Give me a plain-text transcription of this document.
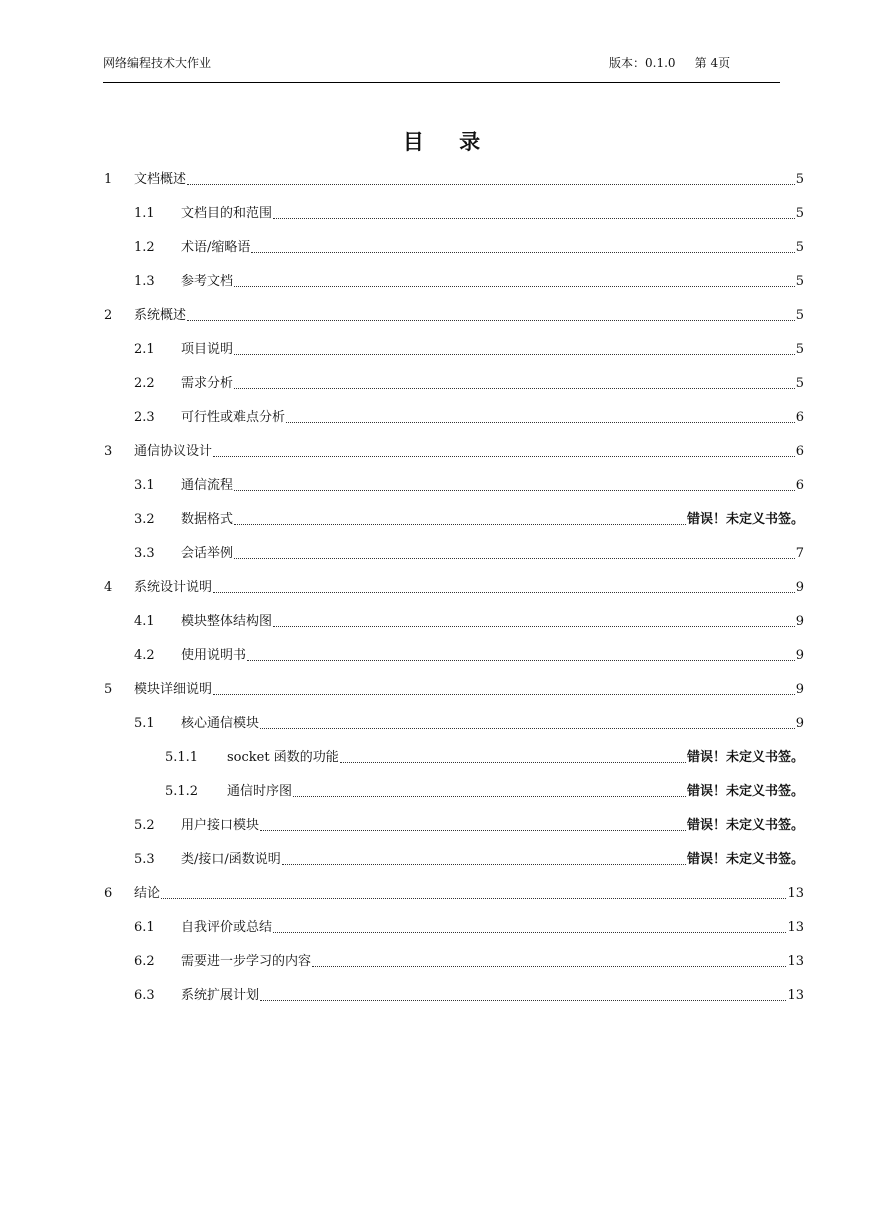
网络编程技术大作业	版本：0.1.0 第 4页
目 录
1	文档概述	5
1.1	文档目的和范围	5
1.2	术语/缩略语	5
1.3	参考文档	5
2	系统概述	5
2.1	项目说明	5
2.2	需求分析	5
2.3	可行性或难点分析	6
3	通信协议设计	6
3.1	通信流程	6
3.2	数据格式	错误！未定义书签。
3.3	会话举例	7
4	系统设计说明	9
4.1	模块整体结构图	9
4.2	使用说明书	9
5	模块详细说明	9
5.1	核心通信模块	9
5.1.1	socket 函数的功能	错误！未定义书签。
5.1.2	通信时序图	错误！未定义书签。
5.2	用户接口模块	错误！未定义书签。
5.3	类/接口/函数说明	错误！未定义书签。
6	结论	13
6.1	自我评价或总结	13
6.2	需要进一步学习的内容	13
6.3	系统扩展计划	13
